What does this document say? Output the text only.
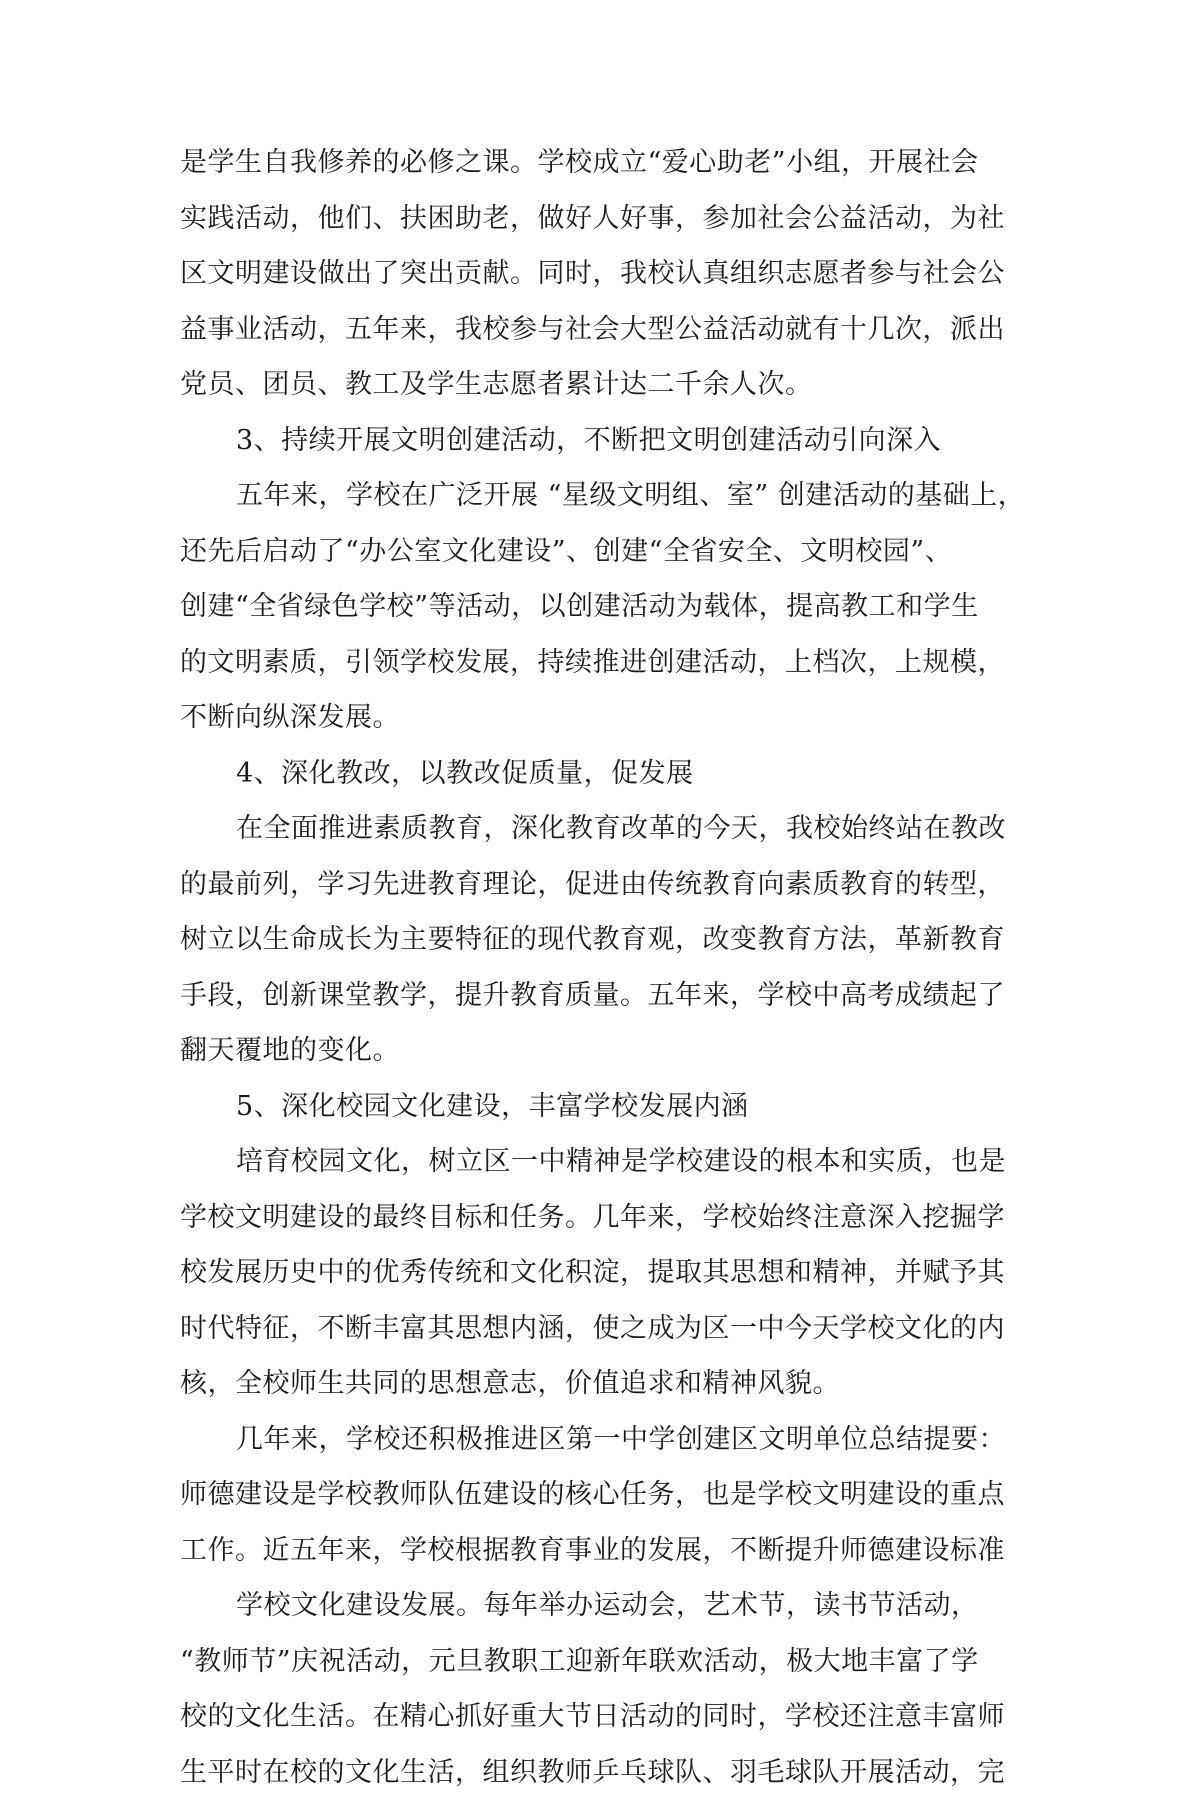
是学生自我修养的必修之课。学校成立“爱心助老”小组，开展社会
实践活动，他们、扶困助老，做好人好事，参加社会公益活动，为社
区文明建设做出了突出贡献。同时，我校认真组织志愿者参与社会公
益事业活动，五年来，我校参与社会大型公益活动就有十几次，派出
党员、团员、教工及学生志愿者累计达二千余人次。
3、持续开展文明创建活动，不断把文明创建活动引向深入
五年来，学校在广泛开展 “星级文明组、室” 创建活动的基础上，
还先后启动了“办公室文化建设”、创建“全省安全、文明校园”、
创建“全省绿色学校”等活动，以创建活动为载体，提高教工和学生
的文明素质，引领学校发展，持续推进创建活动，上档次，上规模，
不断向纵深发展。
4、深化教改，以教改促质量，促发展
在全面推进素质教育，深化教育改革的今天，我校始终站在教改
的最前列，学习先进教育理论，促进由传统教育向素质教育的转型，
树立以生命成长为主要特征的现代教育观，改变教育方法，革新教育
手段，创新课堂教学，提升教育质量。五年来，学校中高考成绩起了
翻天覆地的变化。
5、深化校园文化建设，丰富学校发展内涵
培育校园文化，树立区一中精神是学校建设的根本和实质，也是
学校文明建设的最终目标和任务。几年来，学校始终注意深入挖掘学
校发展历史中的优秀传统和文化积淀，提取其思想和精神，并赋予其
时代特征，不断丰富其思想内涵，使之成为区一中今天学校文化的内
核，全校师生共同的思想意志，价值追求和精神风貌。
几年来，学校还积极推进区第一中学创建区文明单位总结提要：
师德建设是学校教师队伍建设的核心任务，也是学校文明建设的重点
工作。近五年来，学校根据教育事业的发展，不断提升师德建设标准
学校文化建设发展。每年举办运动会，艺术节，读书节活动，
“教师节”庆祝活动，元旦教职工迎新年联欢活动，极大地丰富了学
校的文化生活。在精心抓好重大节日活动的同时，学校还注意丰富师
生平时在校的文化生活，组织教师乒乓球队、羽毛球队开展活动，完
